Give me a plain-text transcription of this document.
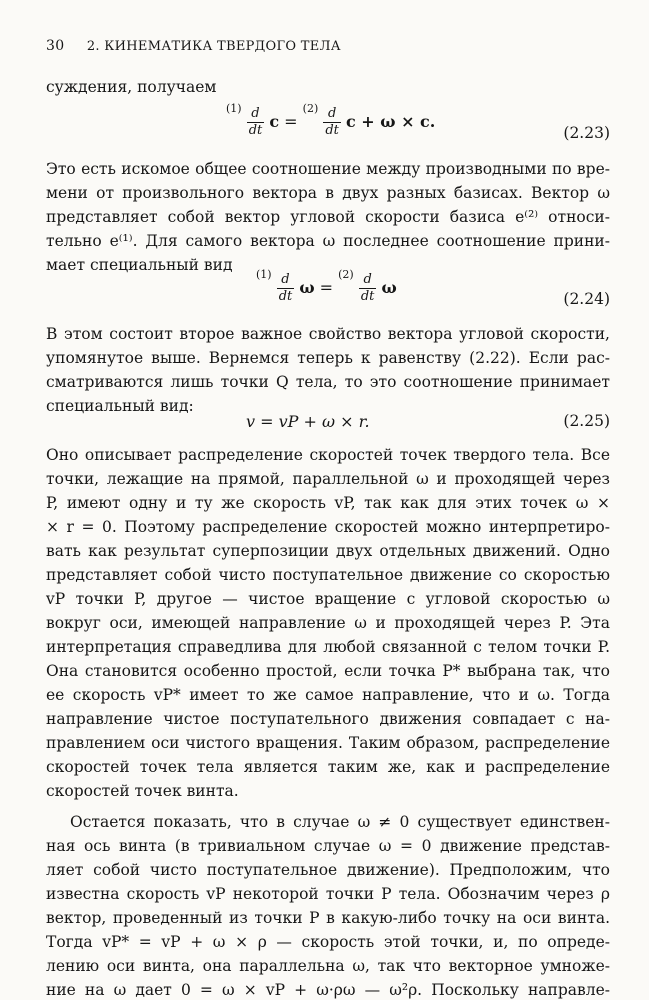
30 2. КИНЕМАТИКА ТВЕРДОГО ТЕЛА
суждения, получаем
$^{(1)} \frac{d}{dt}$ $c = ^{(2)} \frac{d}{dt}$ c + ω × c.
(2.23)
Это есть искомое общее соотношение между производными по вре-
мени от произвольного вектора в двух разных базисах. Вектор ω
представляет собой вектор угловой скорости базиса e⁽²⁾ относи-
тельно e⁽¹⁾. Для самого вектора ω последнее соотношение прини-
мает специальный вид
$^{(1)} \frac{d}{dt}$ $\omega = ^{(2)} \frac{d}{dt}$ ω
(2.24)
В этом состоит второе важное свойство вектора угловой скорости,
упомянутое выше. Вернемся теперь к равенству (2.22). Если рас-
сматриваются лишь точки Q тела, то это соотношение принимает
специальный вид:
v = vP + ω × r.	(2.25)
Оно описывает распределение скоростей точек твердого тела. Все
точки, лежащие на прямой, параллельной ω и проходящей через
P, имеют одну и ту же скорость vP, так как для этих точек ω ×
× r = 0. Поэтому распределение скоростей можно интерпретиро-
вать как результат суперпозиции двух отдельных движений. Одно
представляет собой чисто поступательное движение со скоростью
vP точки P, другое — чистое вращение с угловой скоростью ω
вокруг оси, имеющей направление ω и проходящей через P. Эта
интерпретация справедлива для любой связанной с телом точки P.
Она становится особенно простой, если точка P* выбрана так, что
ее скорость vP* имеет то же самое направление, что и ω. Тогда
направление чистое поступательного движения совпадает с на-
правлением оси чистого вращения. Таким образом, распределение
скоростей точек тела является таким же, как и распределение
скоростей точек винта.
Остается показать, что в случае ω ≠ 0 существует единствен-
ная ось винта (в тривиальном случае ω = 0 движение представ-
ляет собой чисто поступательное движение). Предположим, что
известна скорость vP некоторой точки P тела. Обозначим через ρ
вектор, проведенный из точки P в какую-либо точку на оси винта.
Тогда vP* = vP + ω × ρ — скорость этой точки, и, по опреде-
лению оси винта, она параллельна ω, так что векторное умноже-
ние на ω дает 0 = ω × vP + ω·ρω — ω²ρ. Поскольку направле-
